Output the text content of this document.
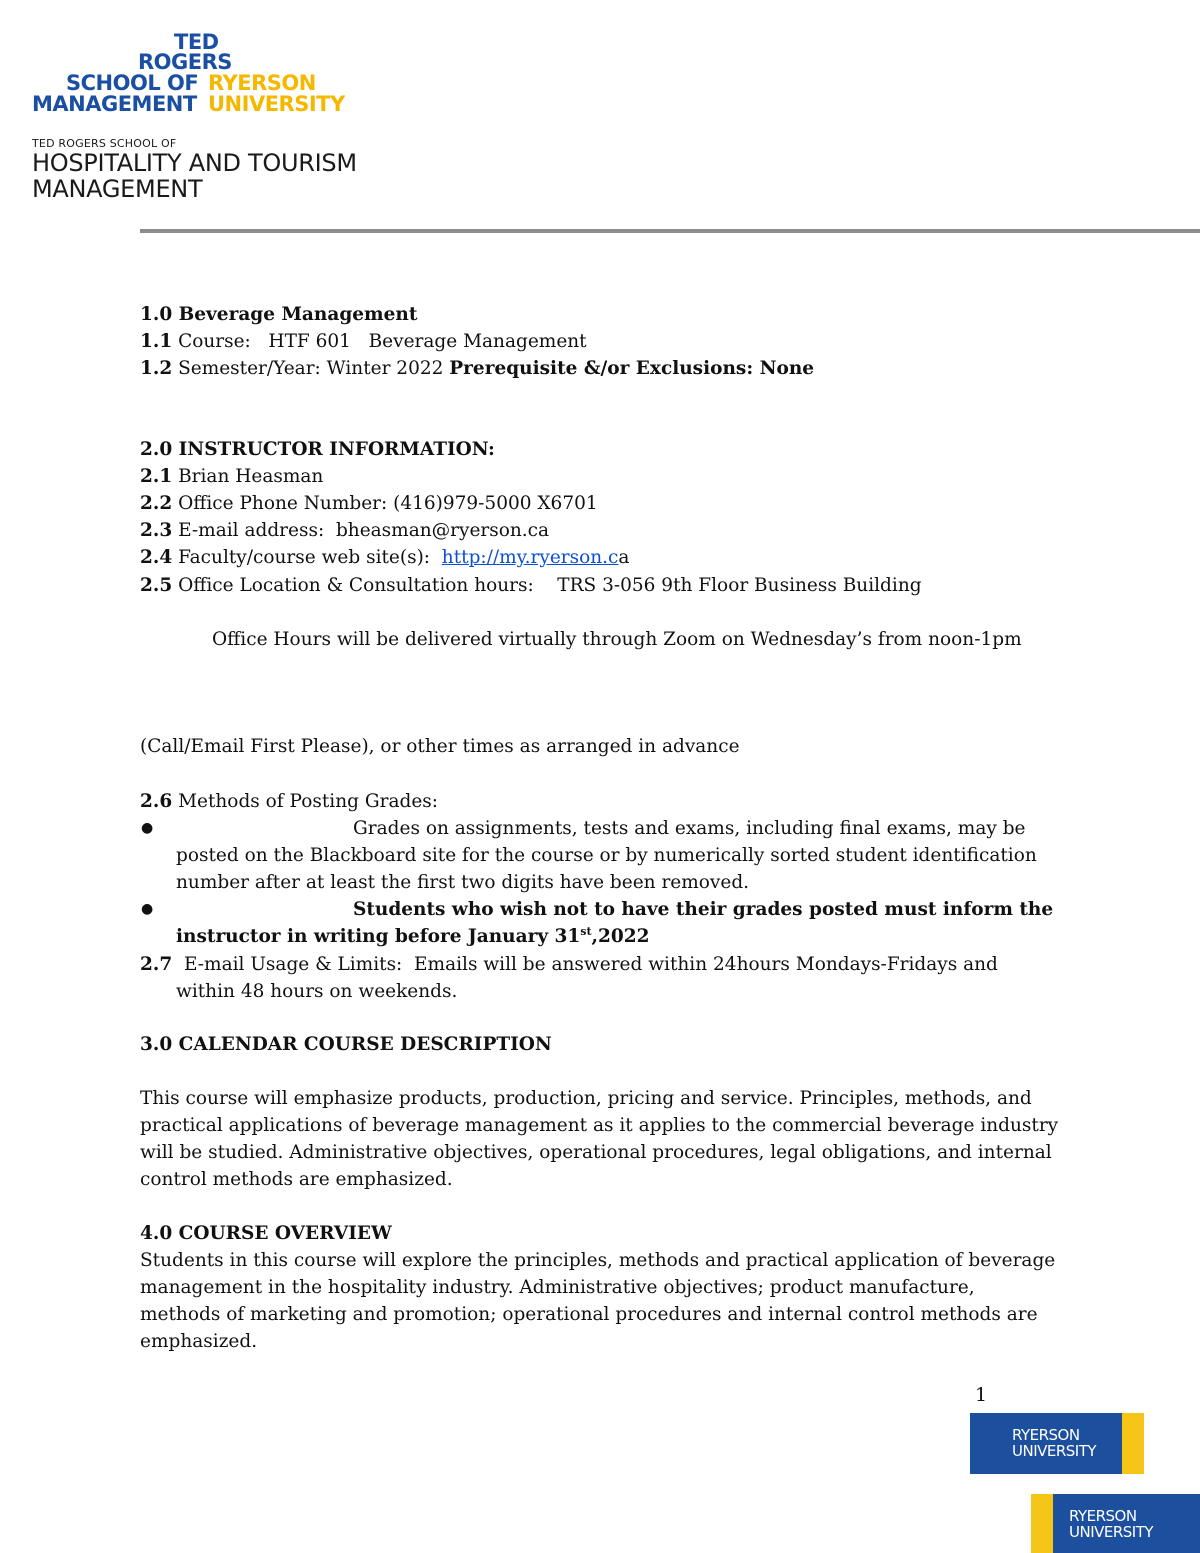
TED
ROGERS
SCHOOL OF RYERSON
MANAGEMENT UNIVERSITY
TED ROGERS SCHOOL OF
HOSPITALITY AND TOURISM
MANAGEMENT
1.0 Beverage Management
1.1 Course:   HTF 601   Beverage Management
1.2 Semester/Year: Winter 2022 Prerequisite &/or Exclusions: None
2.0 INSTRUCTOR INFORMATION:
2.1 Brian Heasman
2.2 Office Phone Number: (416)979-5000 X6701
2.3 E-mail address:  bheasman@ryerson.ca
2.4 Faculty/course web site(s):  http://my.ryerson.ca
2.5 Office Location & Consultation hours:    TRS 3-056 9th Floor Business Building
Office Hours will be delivered virtually through Zoom on Wednesday’s from noon-1pm
(Call/Email First Please), or other times as arranged in advance
2.6 Methods of Posting Grades:
●	Grades on assignments, tests and exams, including final exams, may be
posted on the Blackboard site for the course or by numerically sorted student identification
number after at least the first two digits have been removed.
●	Students who wish not to have their grades posted must inform the
instructor in writing before January 31st,2022
2.7  E-mail Usage & Limits:  Emails will be answered within 24hours Mondays-Fridays and
within 48 hours on weekends.
3.0 CALENDAR COURSE DESCRIPTION
This course will emphasize products, production, pricing and service. Principles, methods, and
practical applications of beverage management as it applies to the commercial beverage industry
will be studied. Administrative objectives, operational procedures, legal obligations, and internal
control methods are emphasized.
4.0 COURSE OVERVIEW
Students in this course will explore the principles, methods and practical application of beverage
management in the hospitality industry. Administrative objectives; product manufacture,
methods of marketing and promotion; operational procedures and internal control methods are
emphasized.
1
RYERSON
UNIVERSITY
RYERSON
UNIVERSITY
